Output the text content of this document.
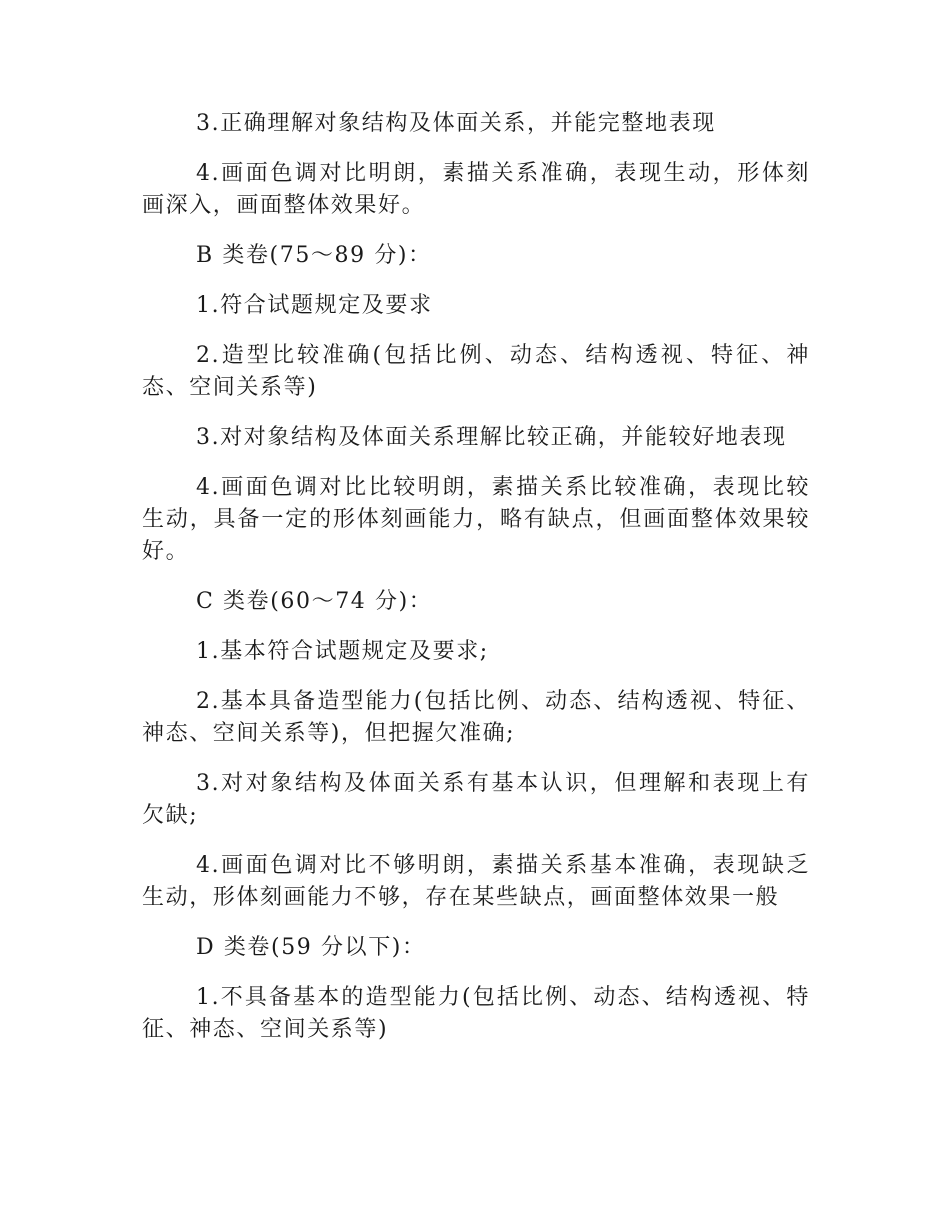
3.正确理解对象结构及体面关系，并能完整地表现

4.画面色调对比明朗，素描关系准确，表现生动，形体刻画深入，画面整体效果好。

B 类卷(75～89 分)：

1.符合试题规定及要求

2.造型比较准确(包括比例、动态、结构透视、特征、神态、空间关系等)

3.对对象结构及体面关系理解比较正确，并能较好地表现

4.画面色调对比比较明朗，素描关系比较准确，表现比较生动，具备一定的形体刻画能力，略有缺点，但画面整体效果较好。

C 类卷(60～74 分)：

1.基本符合试题规定及要求;

2.基本具备造型能力(包括比例、动态、结构透视、特征、神态、空间关系等)，但把握欠准确;

3.对对象结构及体面关系有基本认识，但理解和表现上有欠缺;

4.画面色调对比不够明朗，素描关系基本准确，表现缺乏生动，形体刻画能力不够，存在某些缺点，画面整体效果一般

D 类卷(59 分以下)：

1.不具备基本的造型能力(包括比例、动态、结构透视、特征、神态、空间关系等)
